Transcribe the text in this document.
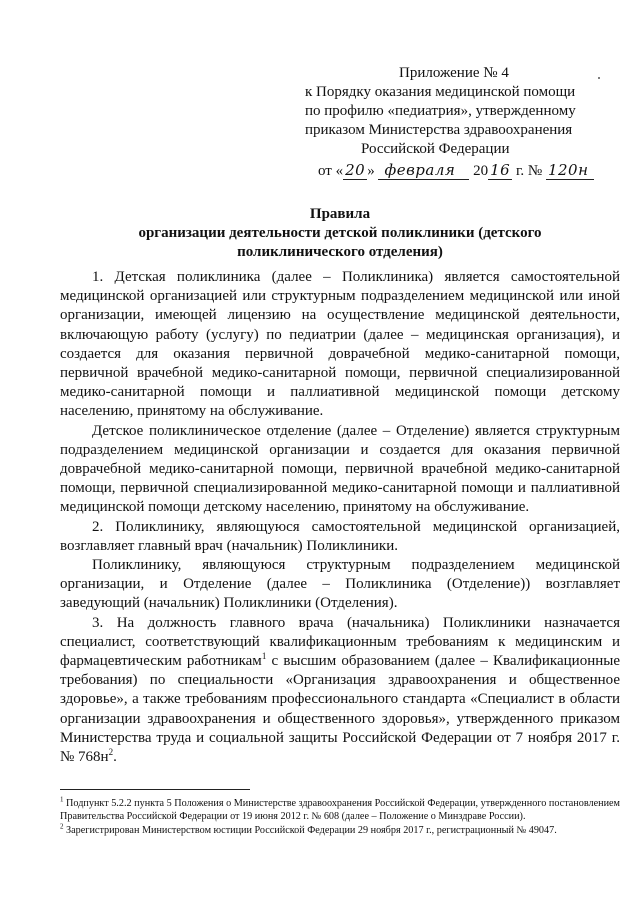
Приложение № 4
к Порядку оказания медицинской помощи
по профилю «педиатрия», утвержденному
приказом Министерства здравоохранения
Российской Федерации
от « 20 » февраля 20 16 г. № 120н
Правила
организации деятельности детской поликлиники (детского
поликлинического отделения)

1. Детская поликлиника (далее – Поликлиника) является самостоятельной медицинской организацией или структурным подразделением медицинской или иной организации, имеющей лицензию на осуществление медицинской деятельности, включающую работу (услугу) по педиатрии (далее – медицинская организация), и создается для оказания первичной доврачебной медико-санитарной помощи, первичной врачебной медико-санитарной помощи, первичной специализированной медико-санитарной помощи и паллиативной медицинской помощи детскому населению, принятому на обслуживание.

Детское поликлиническое отделение (далее – Отделение) является структурным подразделением медицинской организации и создается для оказания первичной доврачебной медико-санитарной помощи, первичной врачебной медико-санитарной помощи, первичной специализированной медико-санитарной помощи и паллиативной медицинской помощи детскому населению, принятому на обслуживание.

2. Поликлинику, являющуюся самостоятельной медицинской организацией, возглавляет главный врач (начальник) Поликлиники.

Поликлинику, являющуюся структурным подразделением медицинской организации, и Отделение (далее – Поликлиника (Отделение)) возглавляет заведующий (начальник) Поликлиники (Отделения).

3. На должность главного врача (начальника) Поликлиники назначается специалист, соответствующий квалификационным требованиям к медицинским и фармацевтическим работникам$^1$ с высшим образованием (далее – Квалификационные требования) по специальности «Организация здравоохранения и общественное здоровье», а также требованиям профессионального стандарта «Специалист в области организации здравоохранения и общественного здоровья», утвержденного приказом Министерства труда и социальной защиты Российской Федерации от 7 ноября 2017 г. № $768н^2$.

$^1$ Подпункт 5.2.2 пункта 5 Положения о Министерстве здравоохранения Российской Федерации, утвержденного постановлением Правительства Российской Федерации от 19 июня 2012 г. № 608 (далее – Положение о Минздраве России).

$^2$ Зарегистрирован Министерством юстиции Российской Федерации 29 ноября 2017 г., регистрационный № 49047.
